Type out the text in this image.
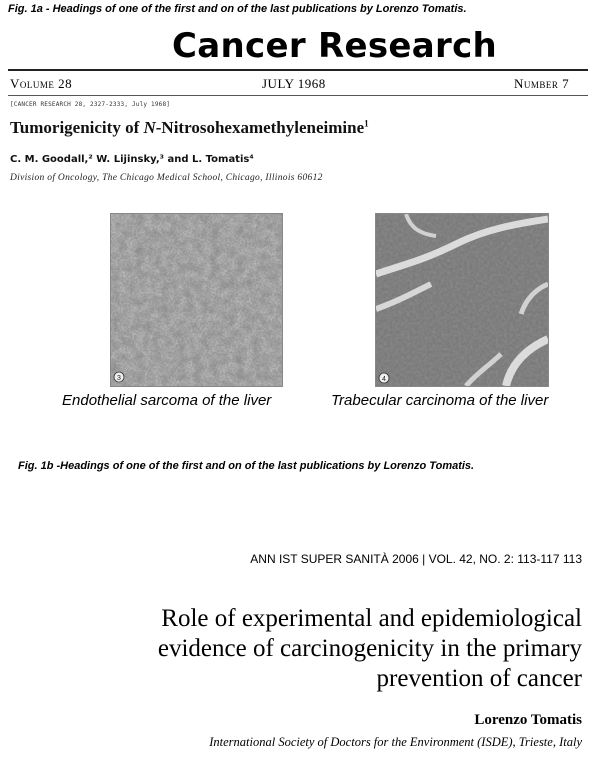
Fig. 1a - Headings of one of the first and on of the last publications by Lorenzo Tomatis.
Cancer Research
Volume 28	JULY 1968	Number 7
[CANCER RESEARCH 28, 2327-2333, July 1968]
Tumorigenicity of N-Nitrosohexamethyleneimine$^1$
C. M. Goodall,² W. Lijinsky,³ and L. Tomatis⁴
Division of Oncology, The Chicago Medical School, Chicago, Illinois 60612
3	4
Endothelial sarcoma of the liver	Trabecular carcinoma of the liver
Fig. 1b -Headings of one of the first and on of the last publications by Lorenzo Tomatis.
ANN IST SUPER SANITÀ 2006 | VOL. 42, NO. 2: 113-117 113
Role of experimental and epidemiological
evidence of carcinogenicity in the primary
prevention of cancer
Lorenzo Tomatis
International Society of Doctors for the Environment (ISDE), Trieste, Italy
